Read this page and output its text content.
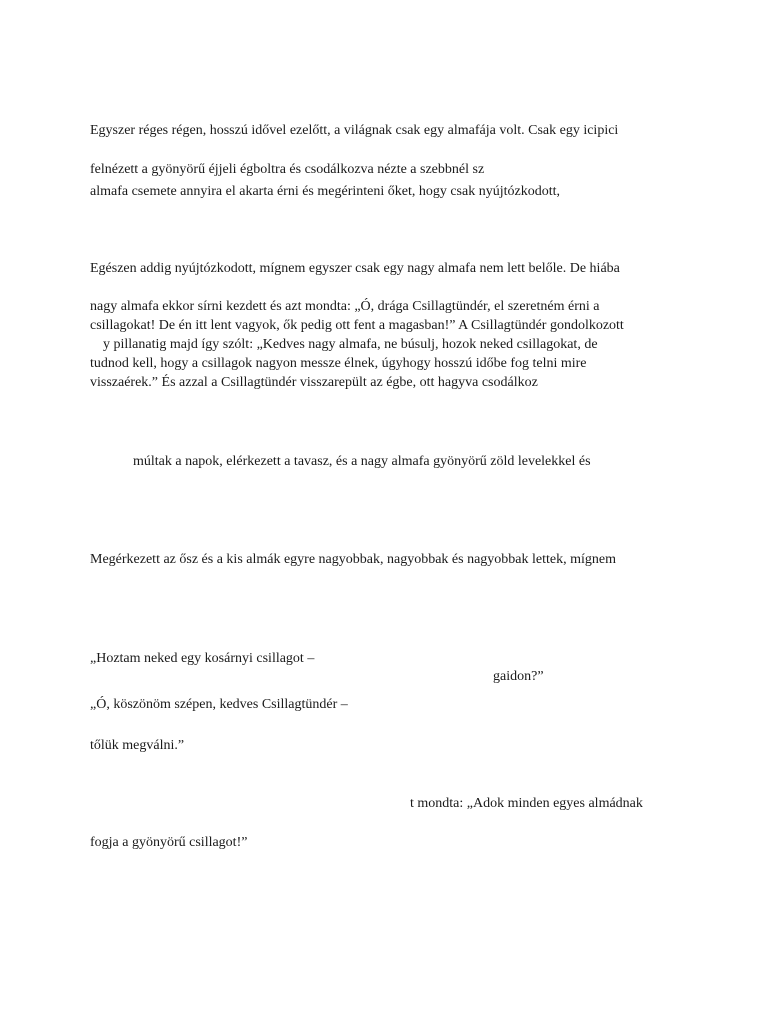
Egyszer réges régen, hosszú idővel ezelőtt, a világnak csak egy almafája volt. Csak egy icipici
felnézett a gyönyörű éjjeli égboltra és csodálkozva nézte a szebbnél sz
almafa csemete annyira el akarta érni és megérinteni őket, hogy csak nyújtózkodott,
Egészen addig nyújtózkodott, mígnem egyszer csak egy nagy almafa nem lett belőle. De hiába
nagy almafa ekkor sírni kezdett és azt mondta: „Ó, drága Csillagtündér, el szeretném érni a
csillagokat! De én itt lent vagyok, ők pedig ott fent a magasban!” A Csillagtündér gondolkozott
y pillanatig majd így szólt: „Kedves nagy almafa, ne búsulj, hozok neked csillagokat, de
tudnod kell, hogy a csillagok nagyon messze élnek, úgyhogy hosszú időbe fog telni mire
visszaérek.” És azzal a Csillagtündér visszarepült az égbe, ott hagyva csodálkoz
múltak a napok, elérkezett a tavasz, és a nagy almafa gyönyörű zöld levelekkel és
Megérkezett az ősz és a kis almák egyre nagyobbak, nagyobbak és nagyobbak lettek, mígnem
„Hoztam neked egy kosárnyi csillagot –
gaidon?”
„Ó, köszönöm szépen, kedves Csillagtündér –
tőlük megválni.”
t mondta: „Adok minden egyes almádnak
fogja a gyönyörű csillagot!”
